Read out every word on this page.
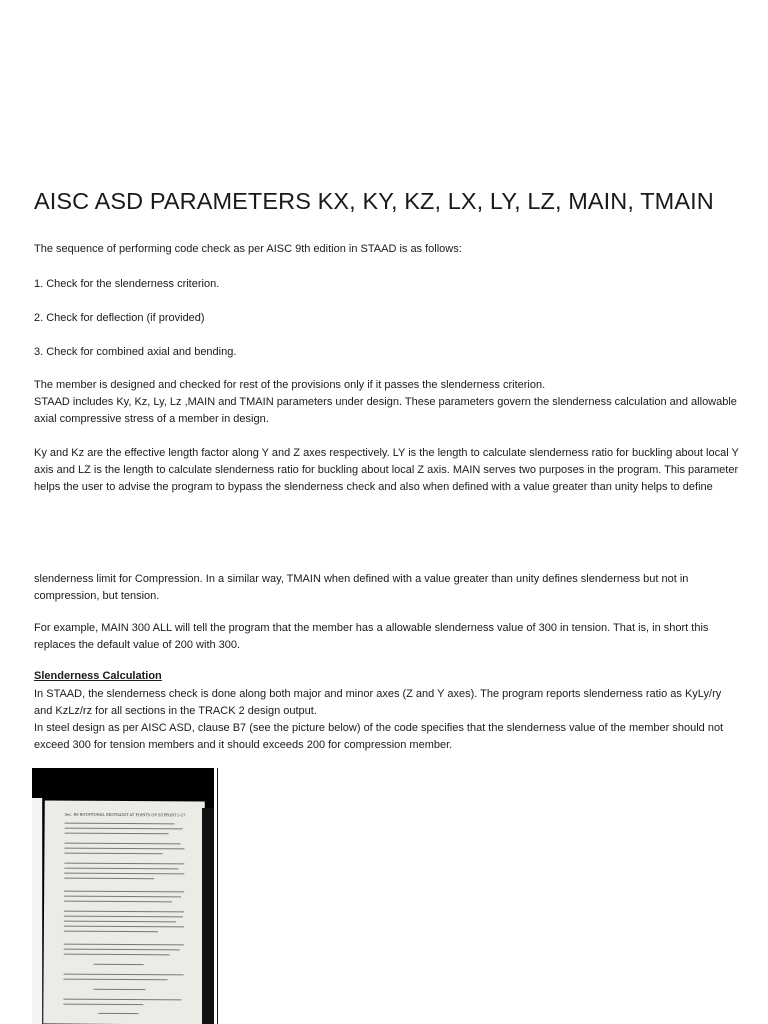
AISC ASD PARAMETERS KX, KY, KZ, LX, LY, LZ, MAIN, TMAIN

The sequence of performing code check as per AISC 9th edition in STAAD is as follows:

1. Check for the slenderness criterion.

2. Check for deflection (if provided)

3. Check for combined axial and bending.

The member is designed and checked for rest of the provisions only if it passes the slenderness criterion.

STAAD includes Ky, Kz, Ly, Lz ,MAIN and TMAIN parameters under design. These parameters govern the slenderness calculation and allowable axial compressive stress of a member in design.

Ky and Kz are the effective length factor along Y and Z axes respectively. LY is the length to calculate slenderness ratio for buckling about local Y axis and LZ is the length to calculate slenderness ratio for buckling about local Z axis. MAIN serves two purposes in the program. This parameter helps the user to advise the program to bypass the slenderness check and also when defined with a value greater than unity helps to define

slenderness limit for Compression. In a similar way, TMAIN when defined with a value greater than unity defines slenderness but not in compression, but tension.

For example, MAIN 300 ALL will tell the program that the member has a allowable slenderness value of 300 in tension. That is, in short this replaces the default value of 200 with 300.

Slenderness Calculation

In STAAD, the slenderness check is done along both major and minor axes (Z and Y axes). The program reports slenderness ratio as KyLy/ry and KzLz/rz for all sections in the TRACK 2 design output.

In steel design as per AISC ASD, clause B7 (see the picture below) of the code specifies that the slenderness value of the member should not exceed 300 for tension members and it should exceeds 200 for compression member.

Sec. B6 ROTATIONAL RESTRAINT AT POINTS OF SUPPORT 5-27
